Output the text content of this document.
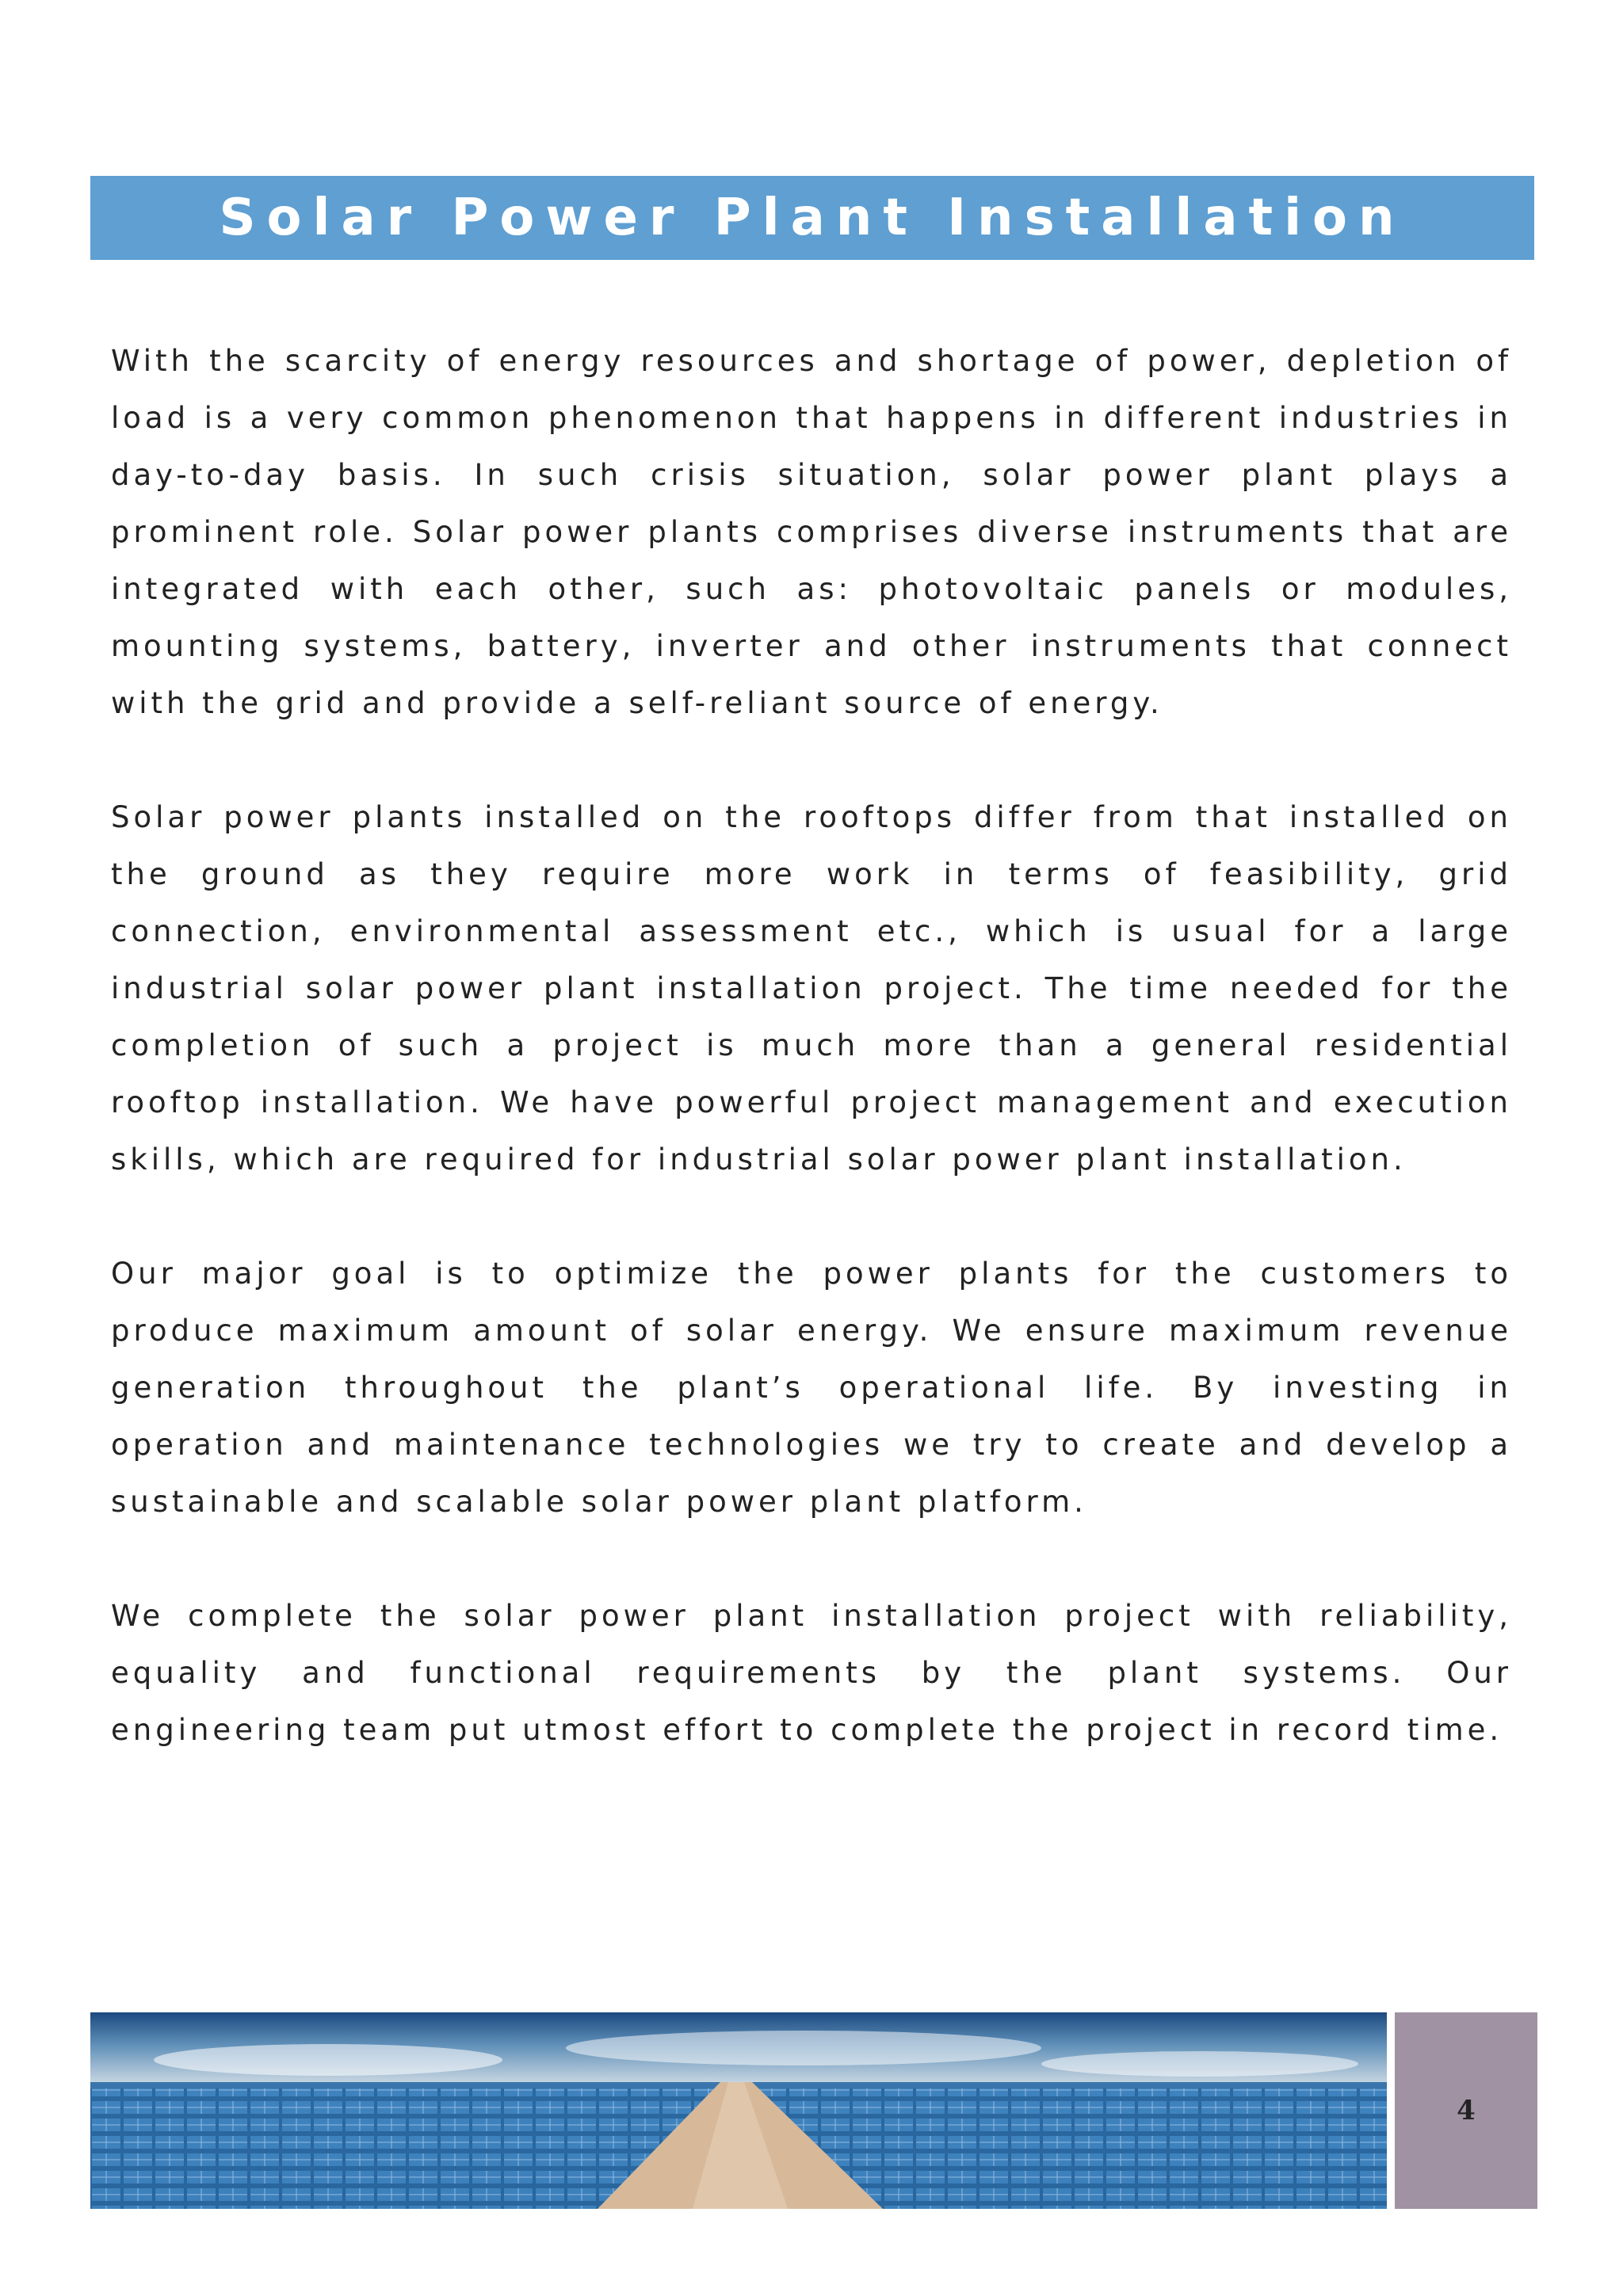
Solar Power Plant Installation

With the scarcity of energy resources and shortage of power, depletion of load is a very common phenomenon that happens in different industries in day-to-day basis. In such crisis situation, solar power plant plays a prominent role. Solar power plants comprises diverse instruments that are integrated with each other, such as: photovoltaic panels or modules, mounting systems, battery, inverter and other instruments that connect with the grid and provide a self-reliant source of energy.

Solar power plants installed on the rooftops differ from that installed on the ground as they require more work in terms of feasibility, grid connection, environmental assessment etc., which is usual for a large industrial solar power plant installation project. The time needed for the completion of such a project is much more than a general residential rooftop installation. We have powerful project management and execution skills, which are required for industrial solar power plant installation.

Our major goal is to optimize the power plants for the customers to produce maximum amount of solar energy. We ensure maximum revenue generation throughout the plant’s operational life. By investing in operation and maintenance technologies we try to create and develop a sustainable and scalable solar power plant platform.

We complete the solar power plant installation project with reliability, equality and functional requirements by the plant systems. Our engineering team put utmost effort to complete the project in record time.

4
